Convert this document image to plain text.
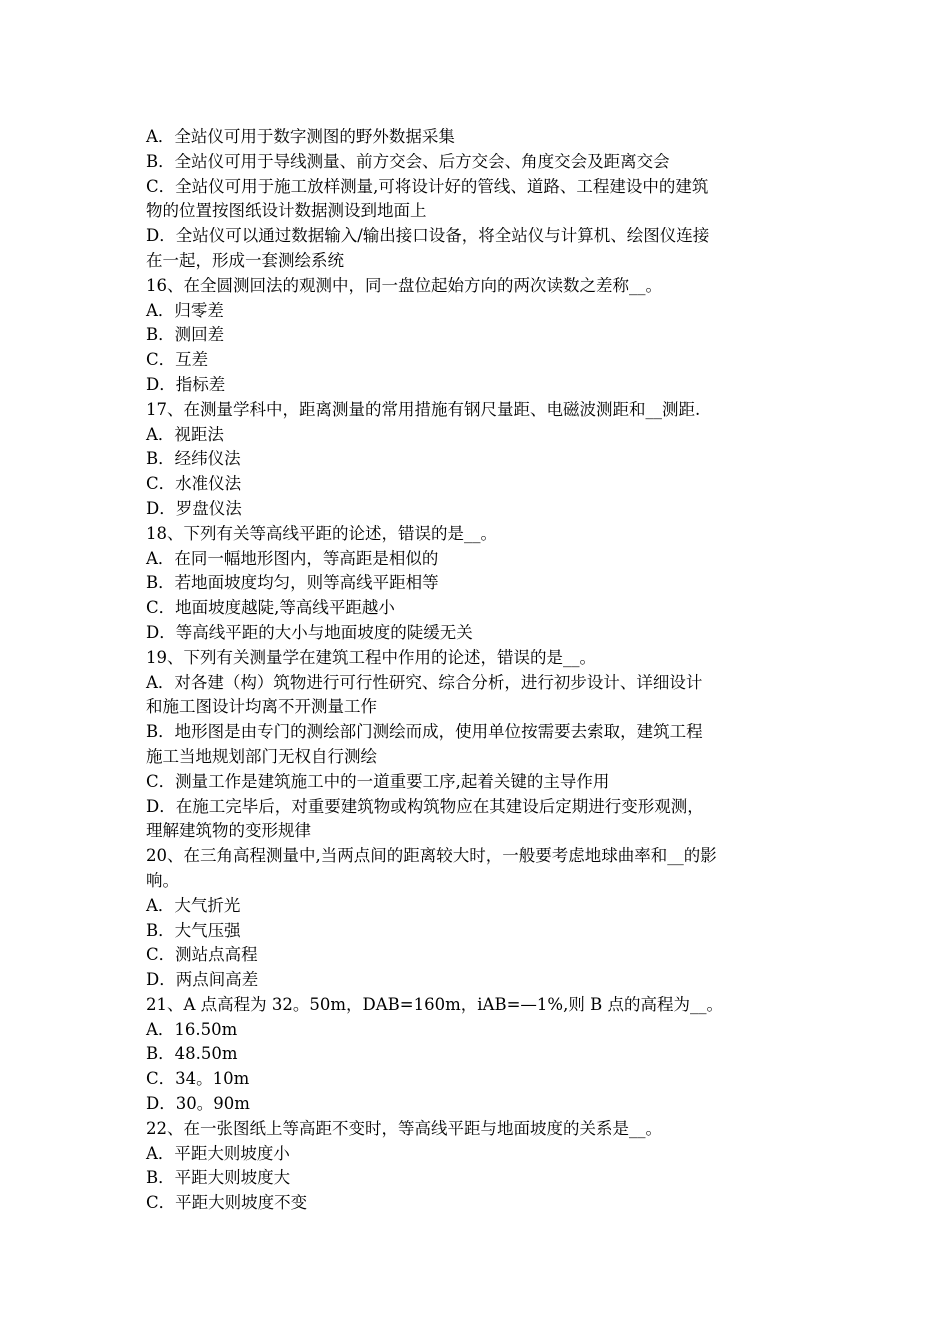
A．全站仪可用于数字测图的野外数据采集
B．全站仪可用于导线测量、前方交会、后方交会、角度交会及距离交会
C．全站仪可用于施工放样测量,可将设计好的管线、道路、工程建设中的建筑
物的位置按图纸设计数据测设到地面上
D．全站仪可以通过数据输入/输出接口设备，将全站仪与计算机、绘图仪连接
在一起，形成一套测绘系统
16、在全圆测回法的观测中，同一盘位起始方向的两次读数之差称__。
A．归零差
B．测回差
C．互差
D．指标差
17、在测量学科中，距离测量的常用措施有钢尺量距、电磁波测距和__测距.
A．视距法
B．经纬仪法
C．水准仪法
D．罗盘仪法
18、下列有关等高线平距的论述，错误的是__。
A．在同一幅地形图内，等高距是相似的
B．若地面坡度均匀，则等高线平距相等
C．地面坡度越陡,等高线平距越小
D．等高线平距的大小与地面坡度的陡缓无关
19、下列有关测量学在建筑工程中作用的论述，错误的是__。
A．对各建（构）筑物进行可行性研究、综合分析，进行初步设计、详细设计
和施工图设计均离不开测量工作
B．地形图是由专门的测绘部门测绘而成，使用单位按需要去索取，建筑工程
施工当地规划部门无权自行测绘
C．测量工作是建筑施工中的一道重要工序,起着关键的主导作用
D．在施工完毕后，对重要建筑物或构筑物应在其建设后定期进行变形观测，
理解建筑物的变形规律
20、在三角高程测量中,当两点间的距离较大时，一般要考虑地球曲率和__的影
响。
A．大气折光
B．大气压强
C．测站点高程
D．两点间高差
21、A 点高程为 32。50m，DAB=160m，iAB=—1%,则 B 点的高程为__。
A．16.50m
B．48.50m
C．34。10m
D．30。90m
22、在一张图纸上等高距不变时，等高线平距与地面坡度的关系是__。
A．平距大则坡度小
B．平距大则坡度大
C．平距大则坡度不变
